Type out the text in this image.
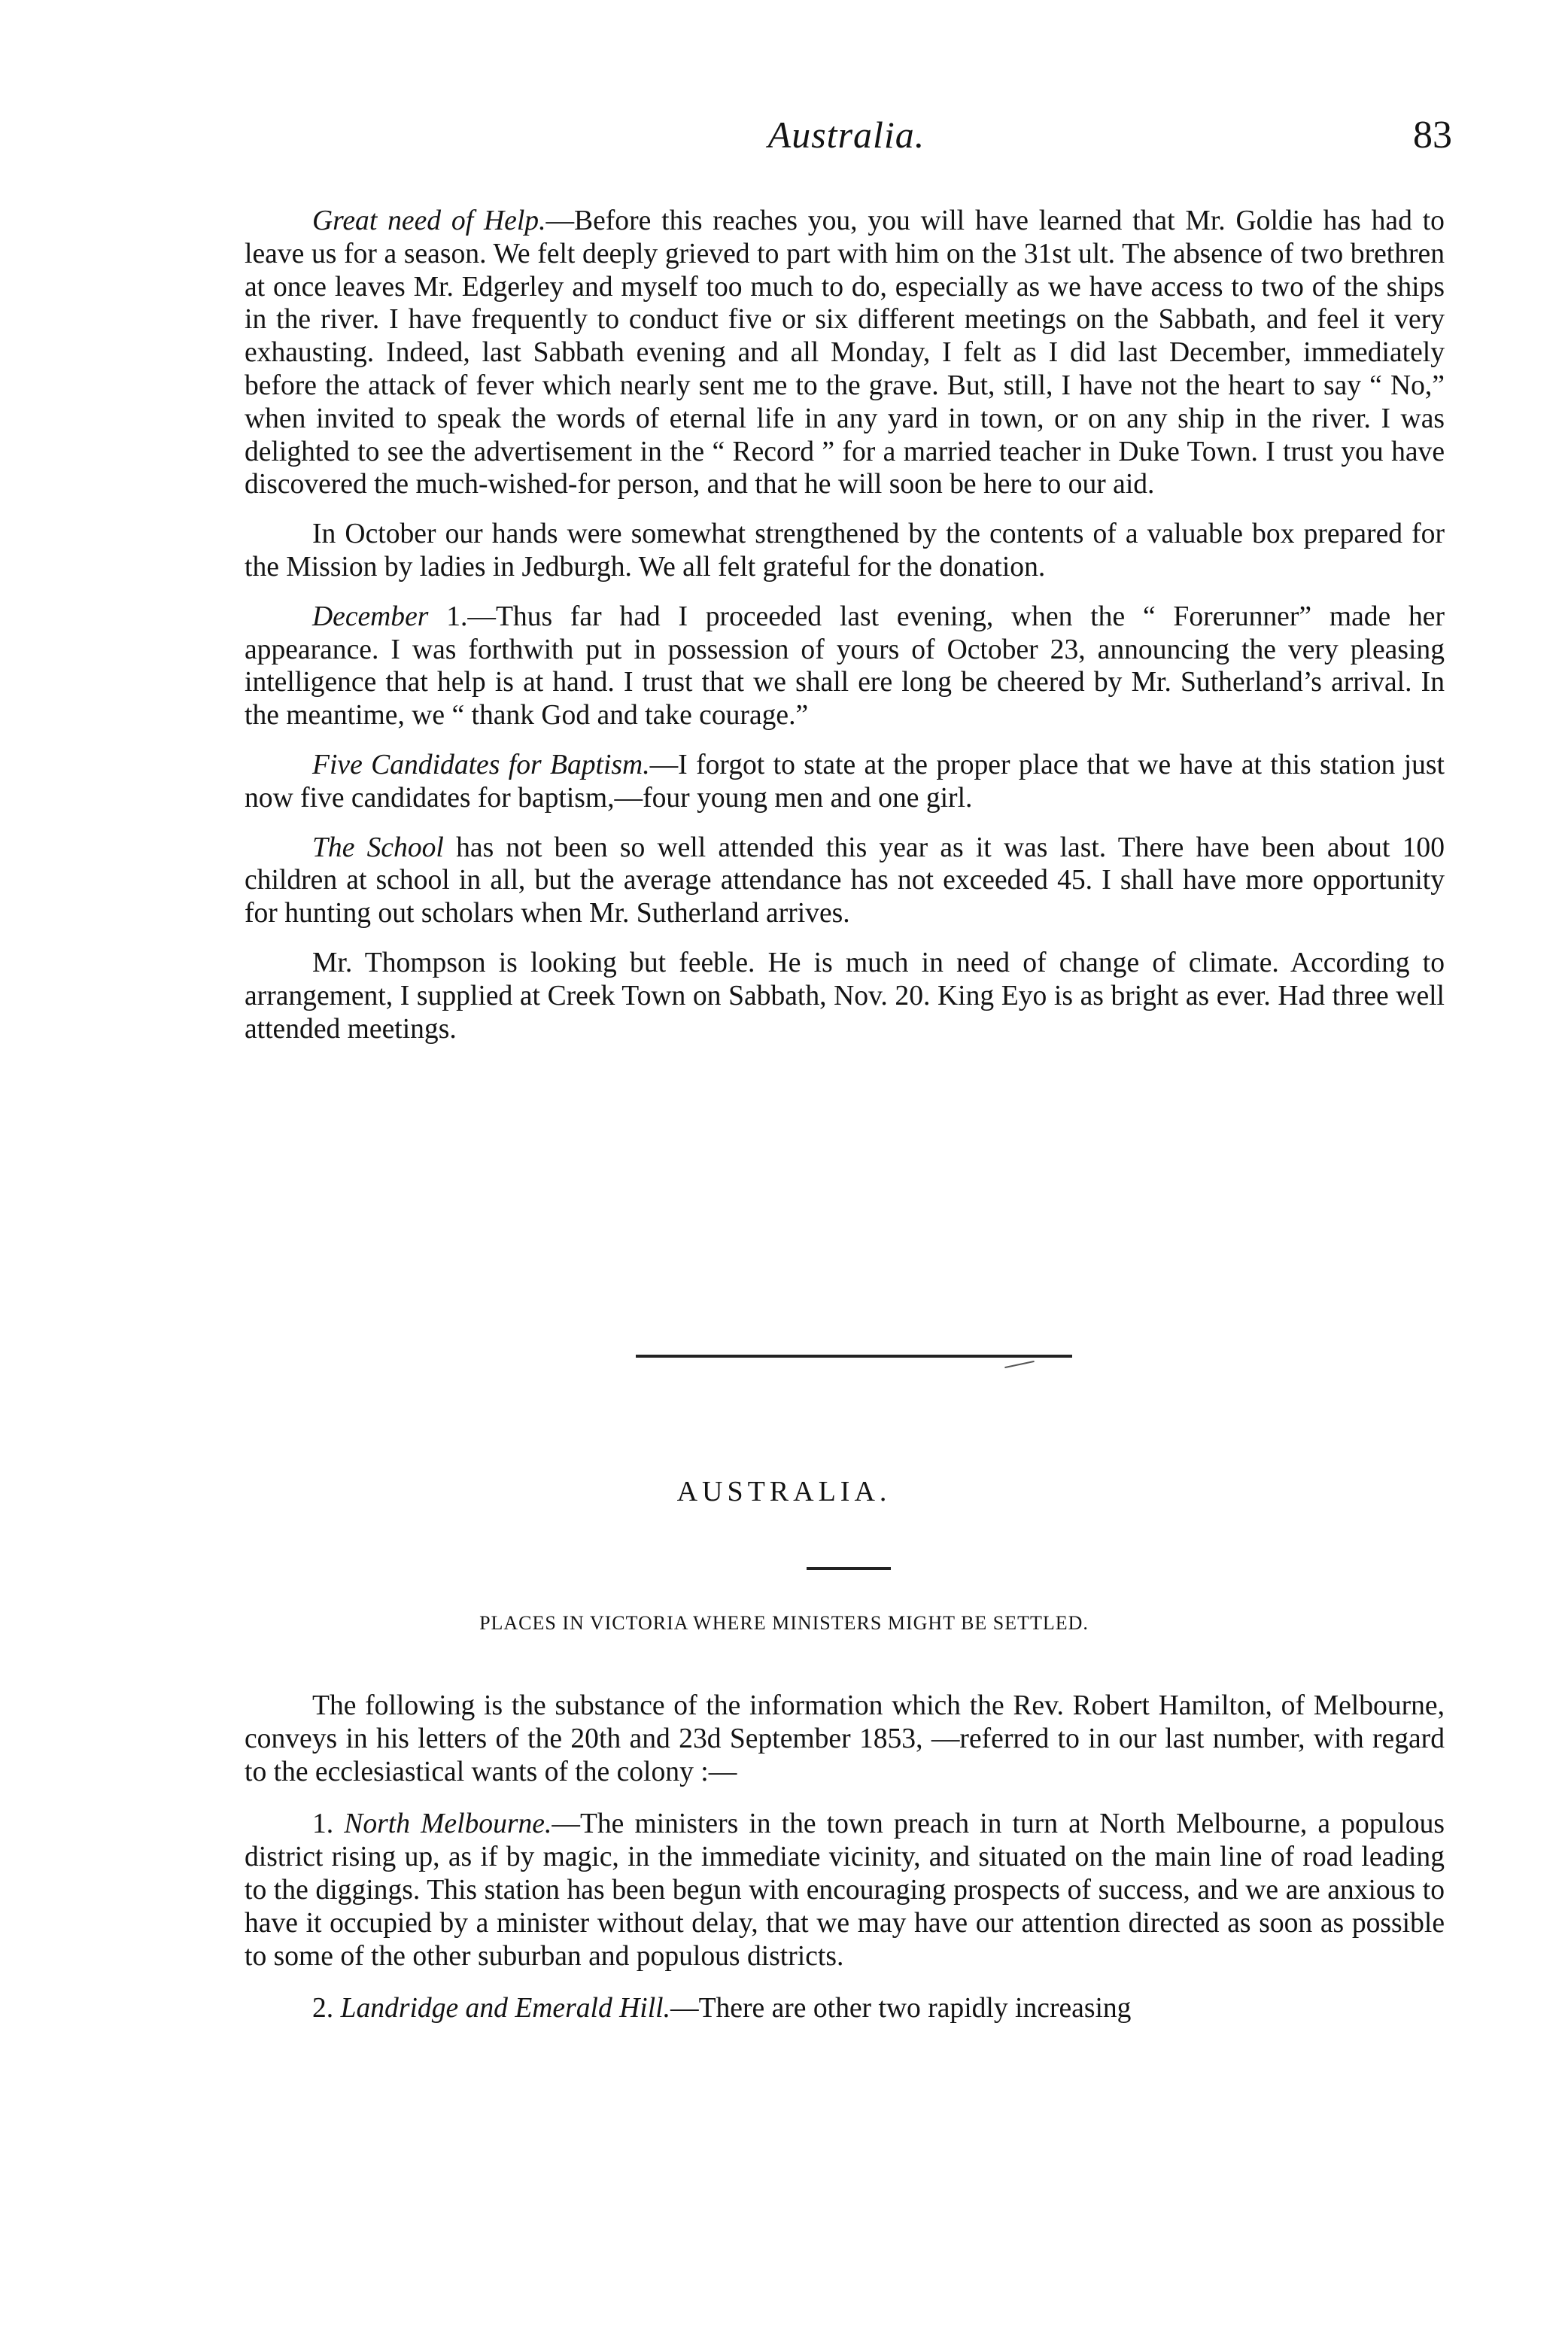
Australia.	83

Great need of Help.—Before this reaches you, you will have learned that Mr. Goldie has had to leave us for a season. We felt deeply grieved to part with him on the 31st ult. The absence of two brethren at once leaves Mr. Edgerley and myself too much to do, especially as we have access to two of the ships in the river. I have frequently to conduct five or six different meetings on the Sabbath, and feel it very exhausting. Indeed, last Sabbath evening and all Monday, I felt as I did last December, immediately before the attack of fever which nearly sent me to the grave. But, still, I have not the heart to say “ No,” when invited to speak the words of eternal life in any yard in town, or on any ship in the river. I was delighted to see the advertisement in the “ Record ” for a married teacher in Duke Town. I trust you have discovered the much-wished-for person, and that he will soon be here to our aid.

In October our hands were somewhat strengthened by the contents of a valuable box prepared for the Mission by ladies in Jedburgh. We all felt grateful for the donation.

December 1.—Thus far had I proceeded last evening, when the “ Forerunner” made her appearance. I was forthwith put in possession of yours of October 23, announcing the very pleasing intelligence that help is at hand. I trust that we shall ere long be cheered by Mr. Sutherland’s arrival. In the meantime, we “ thank God and take courage.”

Five Candidates for Baptism.—I forgot to state at the proper place that we have at this station just now five candidates for baptism,—four young men and one girl.

The School has not been so well attended this year as it was last. There have been about 100 children at school in all, but the average attendance has not exceeded 45. I shall have more opportunity for hunting out scholars when Mr. Sutherland arrives.

Mr. Thompson is looking but feeble. He is much in need of change of climate. According to arrangement, I supplied at Creek Town on Sabbath, Nov. 20. King Eyo is as bright as ever. Had three well attended meetings.

AUSTRALIA.
PLACES IN VICTORIA WHERE MINISTERS MIGHT BE SETTLED.

The following is the substance of the information which the Rev. Robert Hamilton, of Melbourne, conveys in his letters of the 20th and 23d September 1853, —referred to in our last number, with regard to the ecclesiastical wants of the colony :—

1. North Melbourne.—The ministers in the town preach in turn at North Melbourne, a populous district rising up, as if by magic, in the immediate vicinity, and situated on the main line of road leading to the diggings. This station has been begun with encouraging prospects of success, and we are anxious to have it occupied by a minister without delay, that we may have our attention directed as soon as possible to some of the other suburban and populous districts.

2. Landridge and Emerald Hill.—There are other two rapidly increasing
